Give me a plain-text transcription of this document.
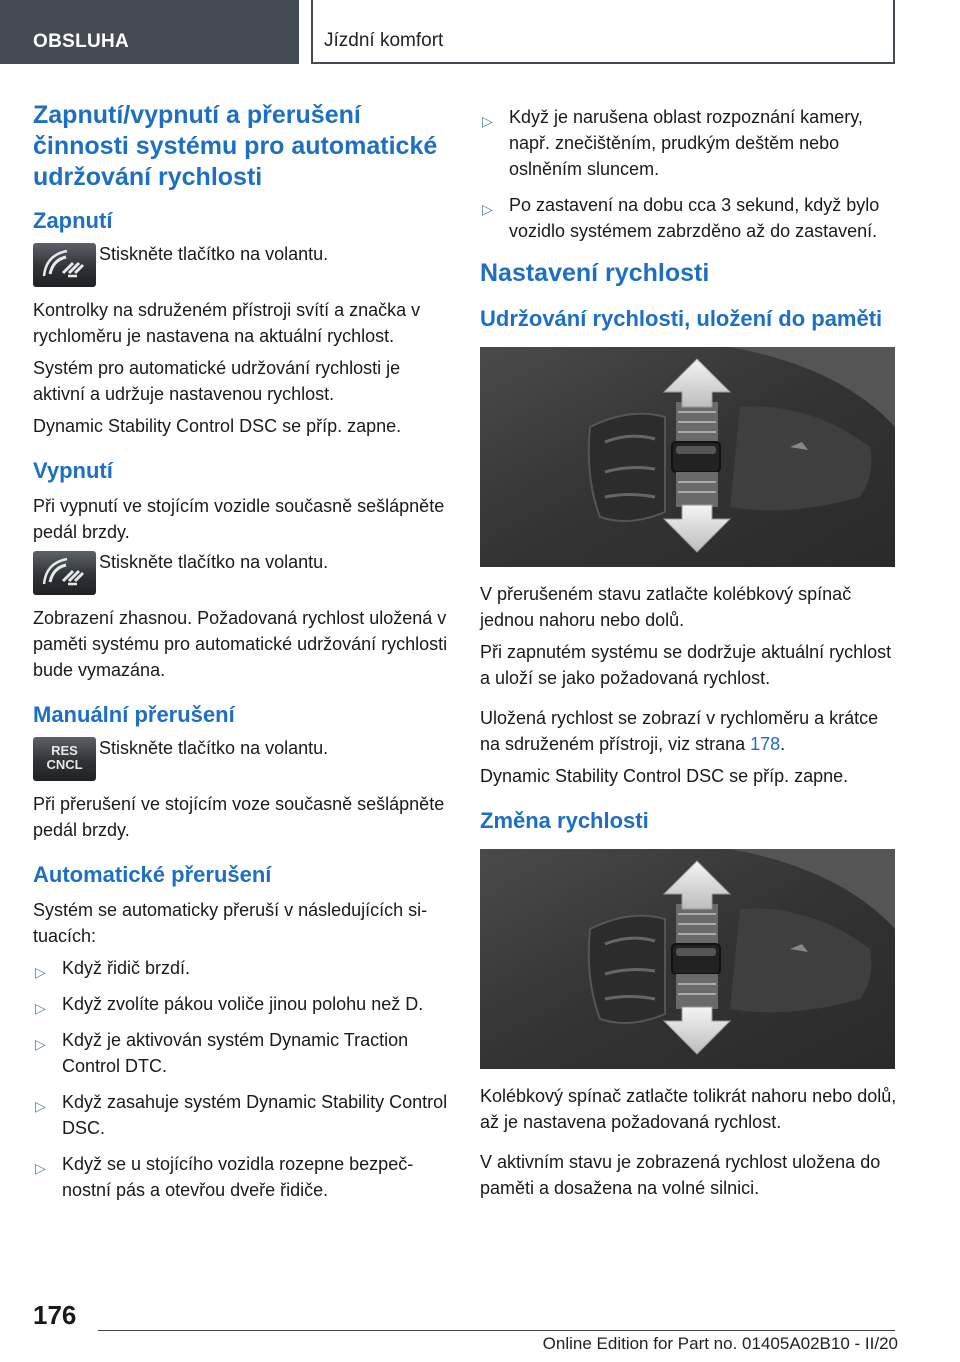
OBSLUHA	Jízdní komfort
Zapnutí/vypnutí a přerušení činnosti systému pro automatické udržování rychlosti
Zapnutí
Stiskněte tlačítko na volantu.

Kontrolky na sdruženém přístroji svítí a značka v rychloměru je nastavena na aktuální rychlost.

Systém pro automatické udržování rychlosti je aktivní a udržuje nastavenou rychlost.

Dynamic Stability Control DSC se příp. zapne.

Vypnutí

Při vypnutí ve stojícím vozidle současně sešlápněte pedál brzdy.

Stiskněte tlačítko na volantu.

Zobrazení zhasnou. Požadovaná rychlost uložená v paměti systému pro automatické udržování rychlosti bude vymazána.

Manuální přerušení
RES
CNCL
Stiskněte tlačítko na volantu.

Při přerušení ve stojícím voze současně sešlápněte pedál brzdy.

Automatické přerušení

Systém se automaticky přeruší v následujících situacích:

▷ Když řidič brzdí.
▷ Když zvolíte pákou voliče jinou polohu než D.
▷ Když je aktivován systém Dynamic Traction Control DTC.
▷ Když zasahuje systém Dynamic Stability Control DSC.
▷ Když se u stojícího vozidla rozepne bezpečnostní pás a otevřou dveře řidiče.
▷ Když je narušena oblast rozpoznání kamery, např. znečištěním, prudkým deštěm nebo oslněním sluncem.
▷ Po zastavení na dobu cca 3 sekund, když bylo vozidlo systémem zabrzděno až do zastavení.
Nastavení rychlosti
Udržování rychlosti, uložení do paměti

V přerušeném stavu zatlačte kolébkový spínač jednou nahoru nebo dolů.

Při zapnutém systému se dodržuje aktuální rychlost a uloží se jako požadovaná rychlost.

Uložená rychlost se zobrazí v rychloměru a krátce na sdruženém přístroji, viz strana 178.

Dynamic Stability Control DSC se příp. zapne.

Změna rychlosti

Kolébkový spínač zatlačte tolikrát nahoru nebo dolů, až je nastavena požadovaná rychlost.

V aktivním stavu je zobrazená rychlost uložena do paměti a dosažena na volné silnici.

176
Online Edition for Part no. 01405A02B10 - II/20
